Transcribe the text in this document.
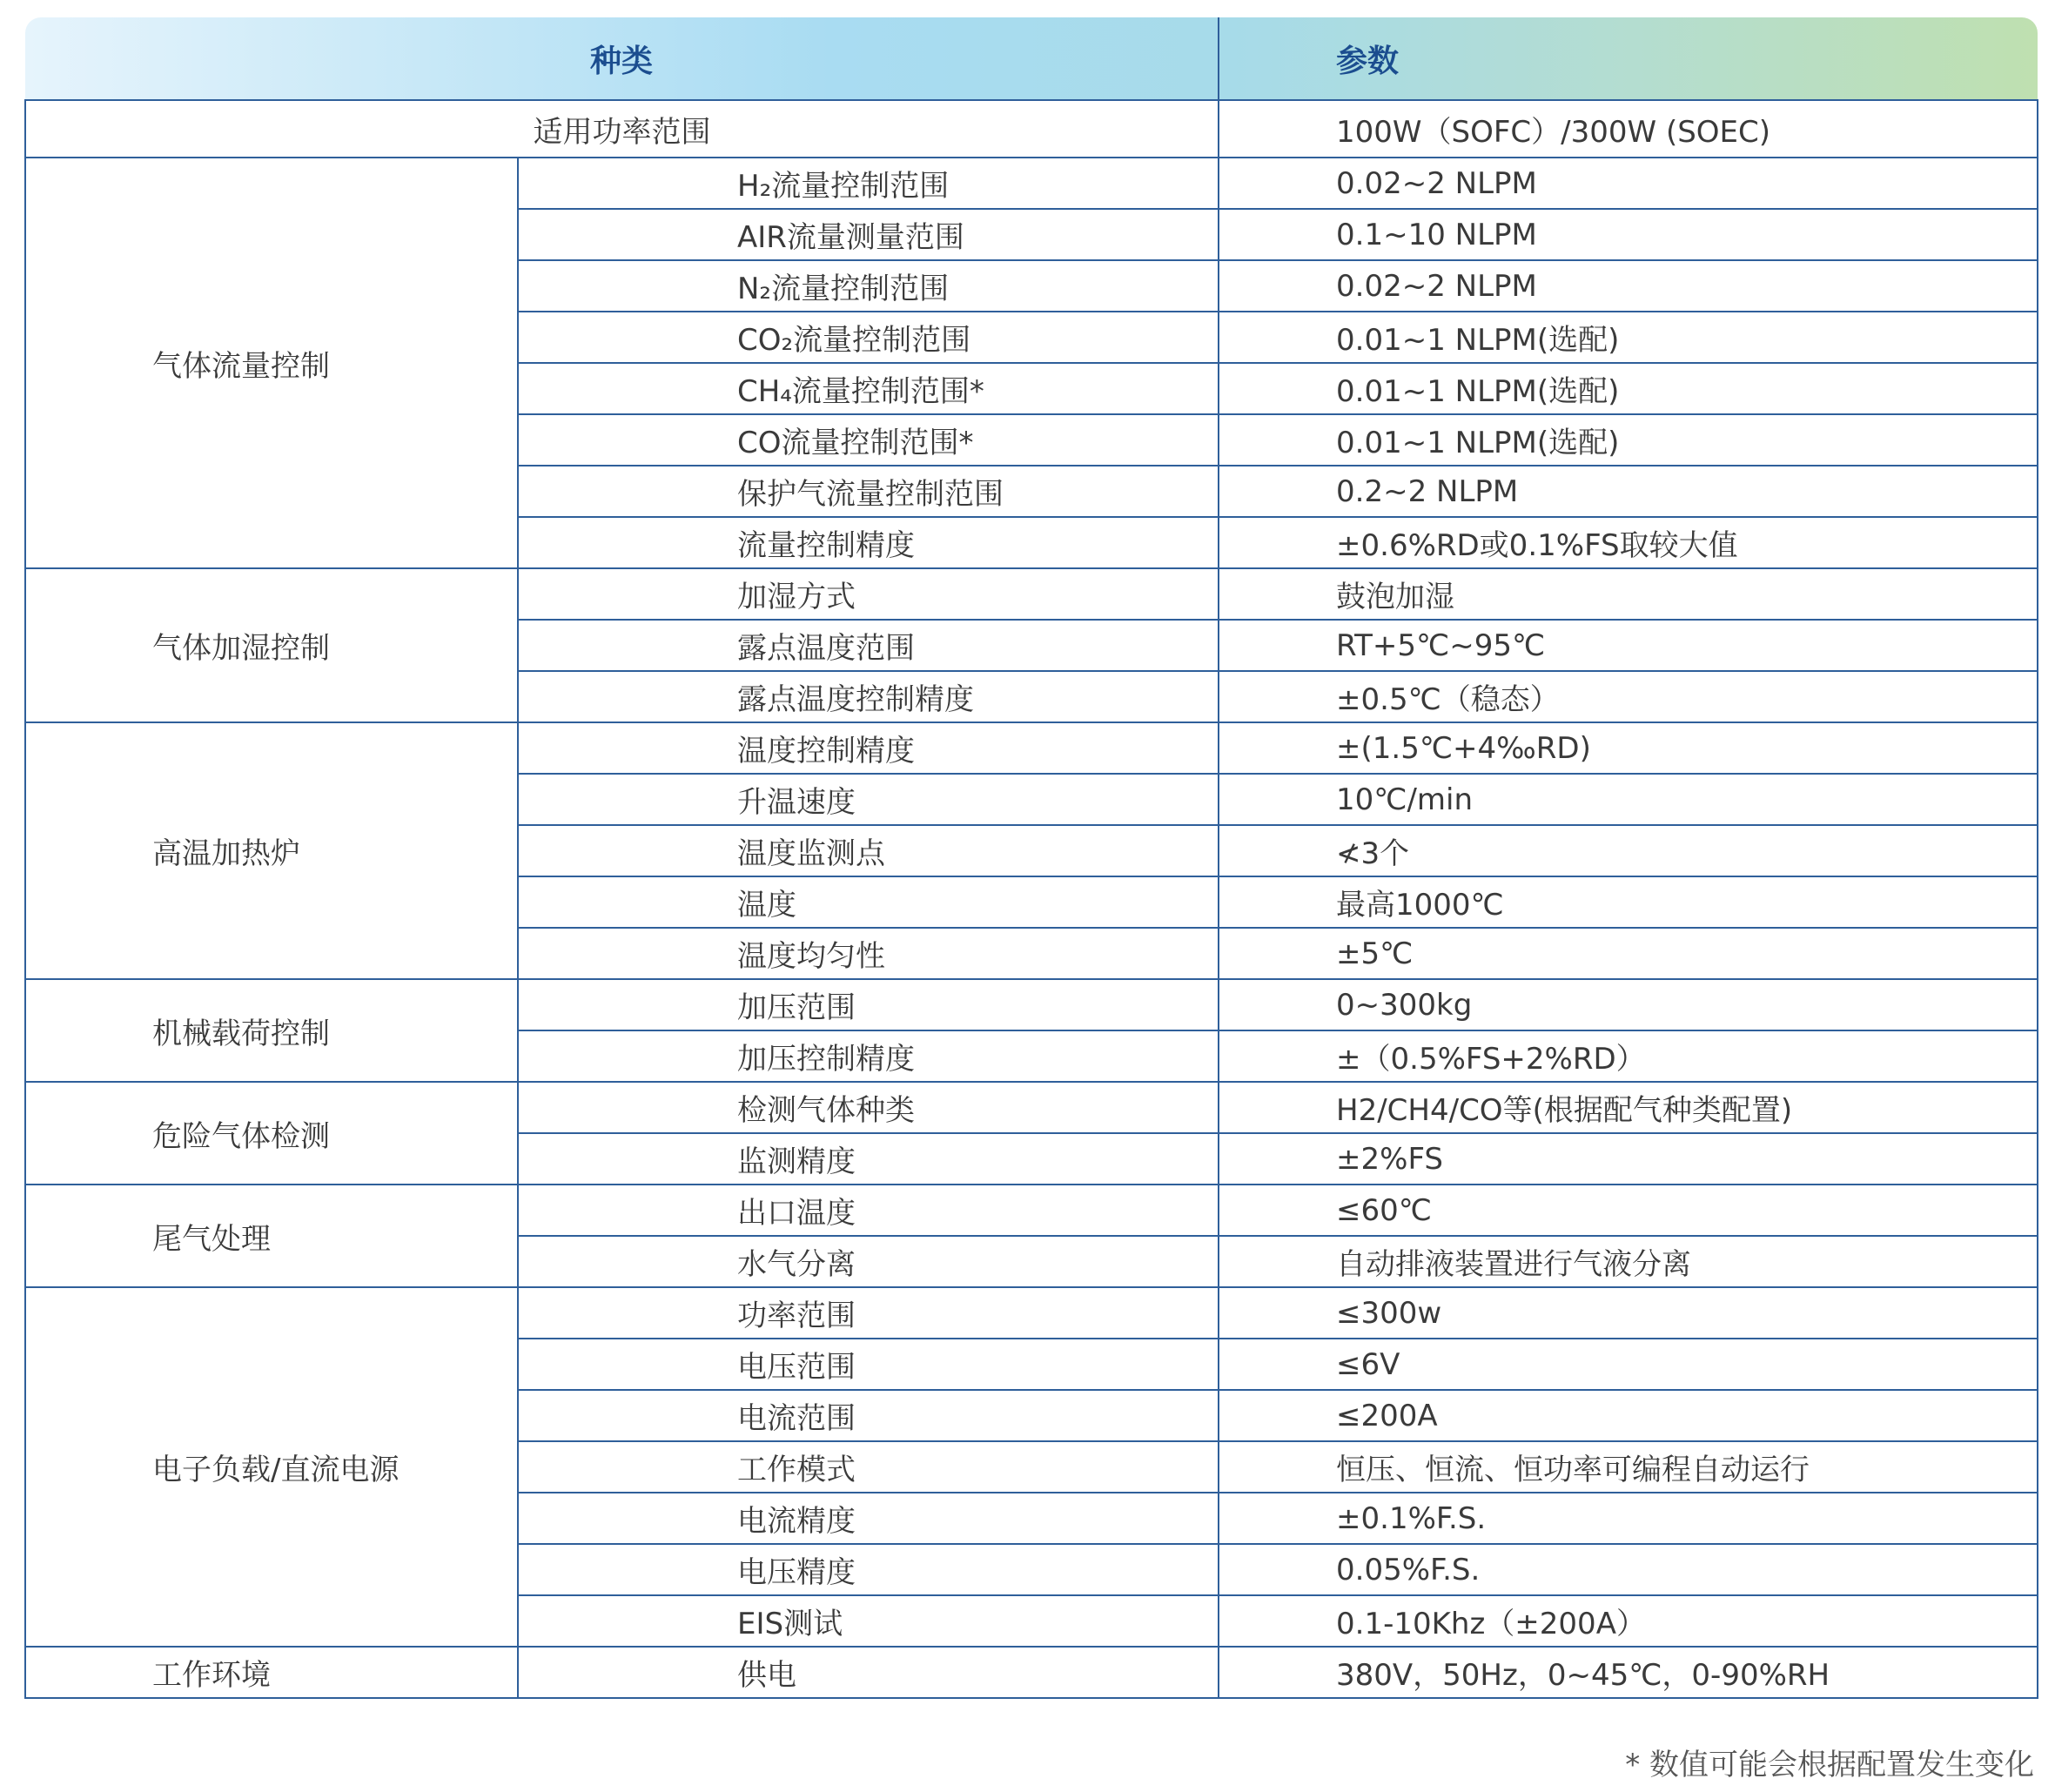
种类		参数
适用功率范围		100W（SOFC）/300W (SOEC)
气体流量控制	H₂流量控制范围	0.02~2 NLPM
	AIR流量测量范围	0.1~10 NLPM
	N₂流量控制范围	0.02~2 NLPM
	CO₂流量控制范围	0.01~1 NLPM(选配)
	CH₄流量控制范围*	0.01~1 NLPM(选配)
	CO流量控制范围*	0.01~1 NLPM(选配)
	保护气流量控制范围	0.2~2 NLPM
	流量控制精度	±0.6%RD或0.1%FS取较大值
气体加湿控制	加湿方式	鼓泡加湿
	露点温度范围	RT+5℃~95℃
	露点温度控制精度	±0.5℃（稳态）
高温加热炉	温度控制精度	±(1.5℃+4‰RD)
	升温速度	10℃/min
	温度监测点	≮3个
	温度	最高1000℃
	温度均匀性	±5℃
机械载荷控制	加压范围	0~300kg
	加压控制精度	±（0.5%FS+2%RD）
危险气体检测	检测气体种类	H2/CH4/CO等(根据配气种类配置)
	监测精度	±2%FS
尾气处理	出口温度	≤60℃
	水气分离	自动排液装置进行气液分离
电子负载/直流电源	功率范围	≤300w
	电压范围	≤6V
	电流范围	≤200A
	工作模式	恒压、恒流、恒功率可编程自动运行
	电流精度	±0.1%F.S.
	电压精度	0.05%F.S.
	EIS测试	0.1-10Khz（±200A）
工作环境	供电	380V，50Hz，0~45℃，0-90%RH
* 数值可能会根据配置发生变化
